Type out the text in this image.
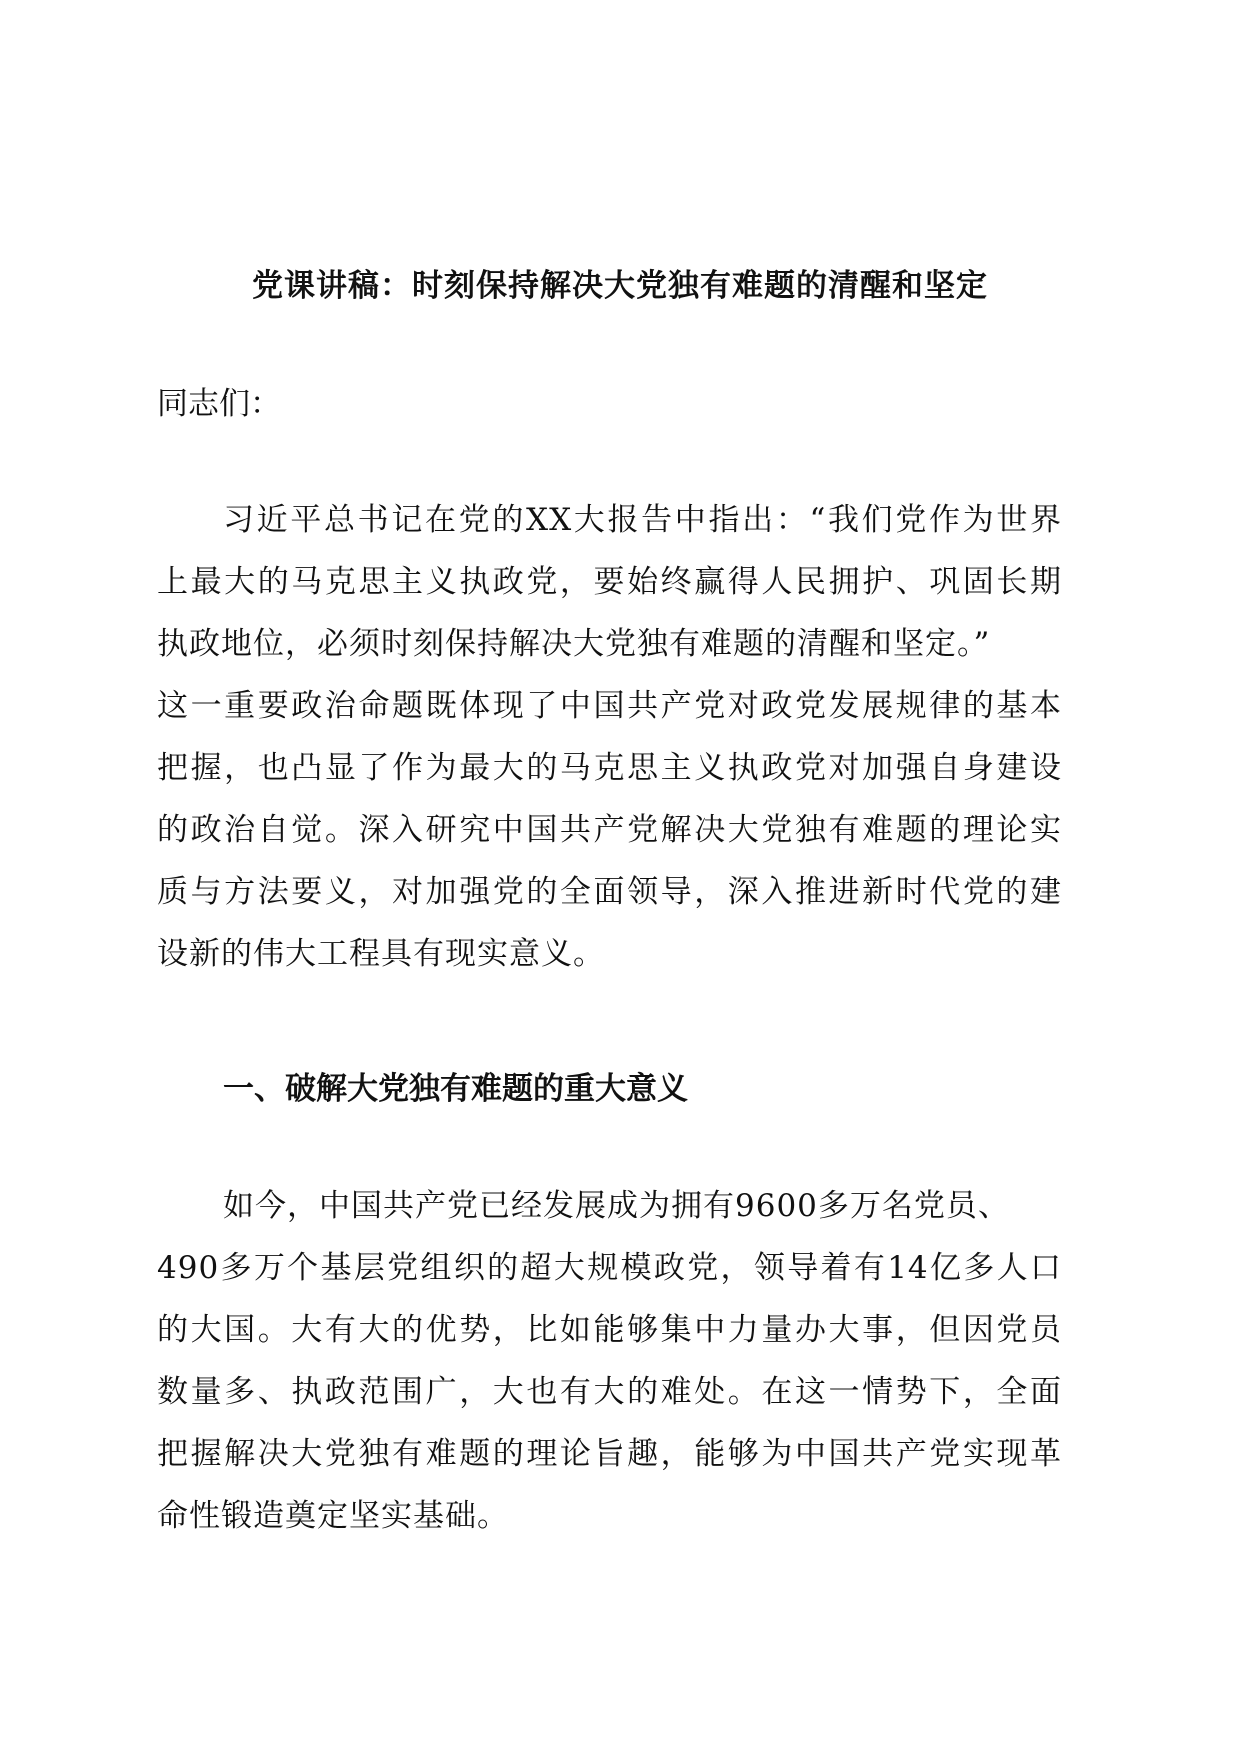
党课讲稿：时刻保持解决大党独有难题的清醒和坚定
同志们：
习近平总书记在党的XX大报告中指出：“我们党作为世界
上最大的马克思主义执政党，要始终赢得人民拥护、巩固长期
执政地位，必须时刻保持解决大党独有难题的清醒和坚定。”
这一重要政治命题既体现了中国共产党对政党发展规律的基本
把握，也凸显了作为最大的马克思主义执政党对加强自身建设
的政治自觉。深入研究中国共产党解决大党独有难题的理论实
质与方法要义，对加强党的全面领导，深入推进新时代党的建
设新的伟大工程具有现实意义。
一、破解大党独有难题的重大意义
如今，中国共产党已经发展成为拥有9600多万名党员、
490多万个基层党组织的超大规模政党，领导着有14亿多人口
的大国。大有大的优势，比如能够集中力量办大事，但因党员
数量多、执政范围广，大也有大的难处。在这一情势下，全面
把握解决大党独有难题的理论旨趣，能够为中国共产党实现革
命性锻造奠定坚实基础。
